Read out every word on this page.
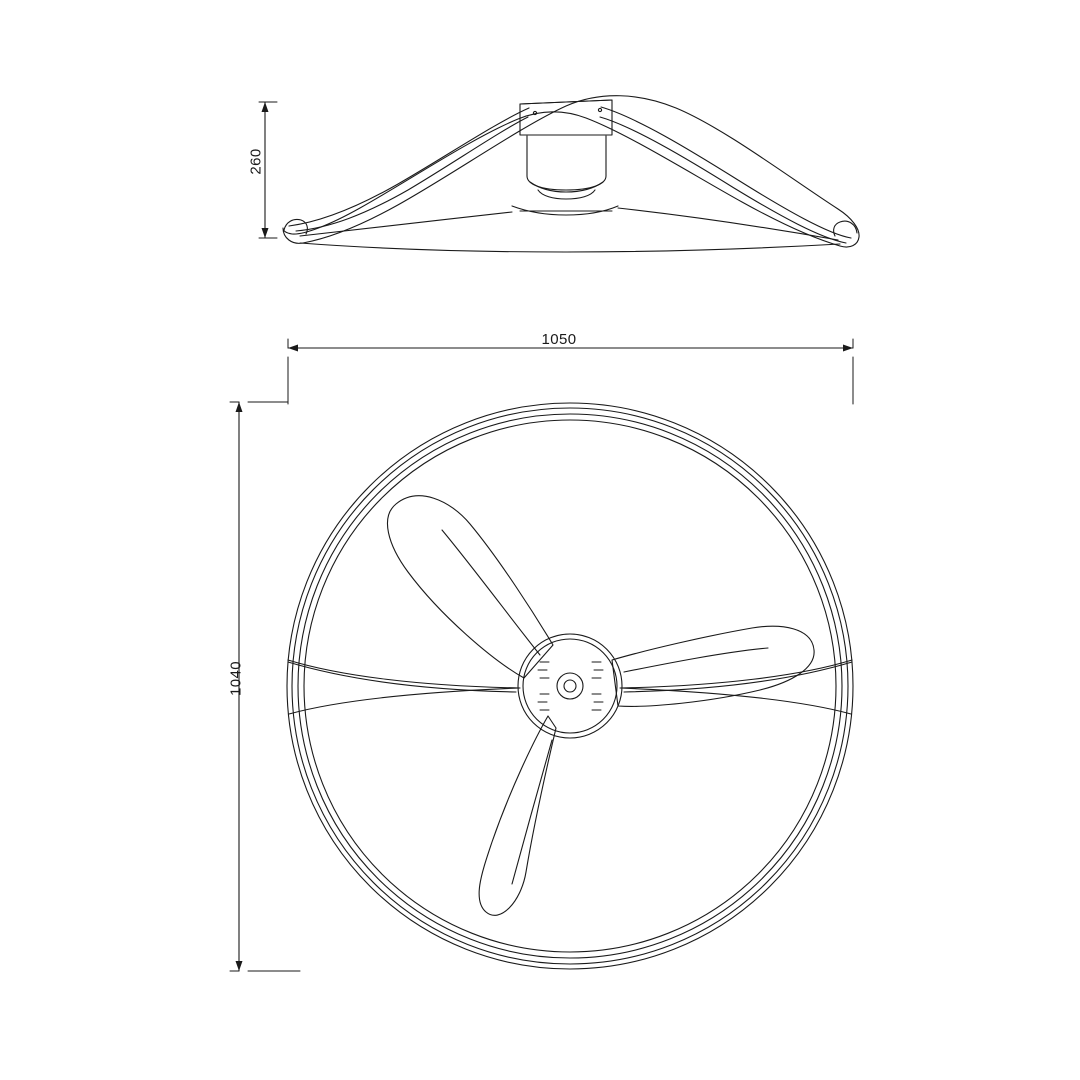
260
1050
1040
